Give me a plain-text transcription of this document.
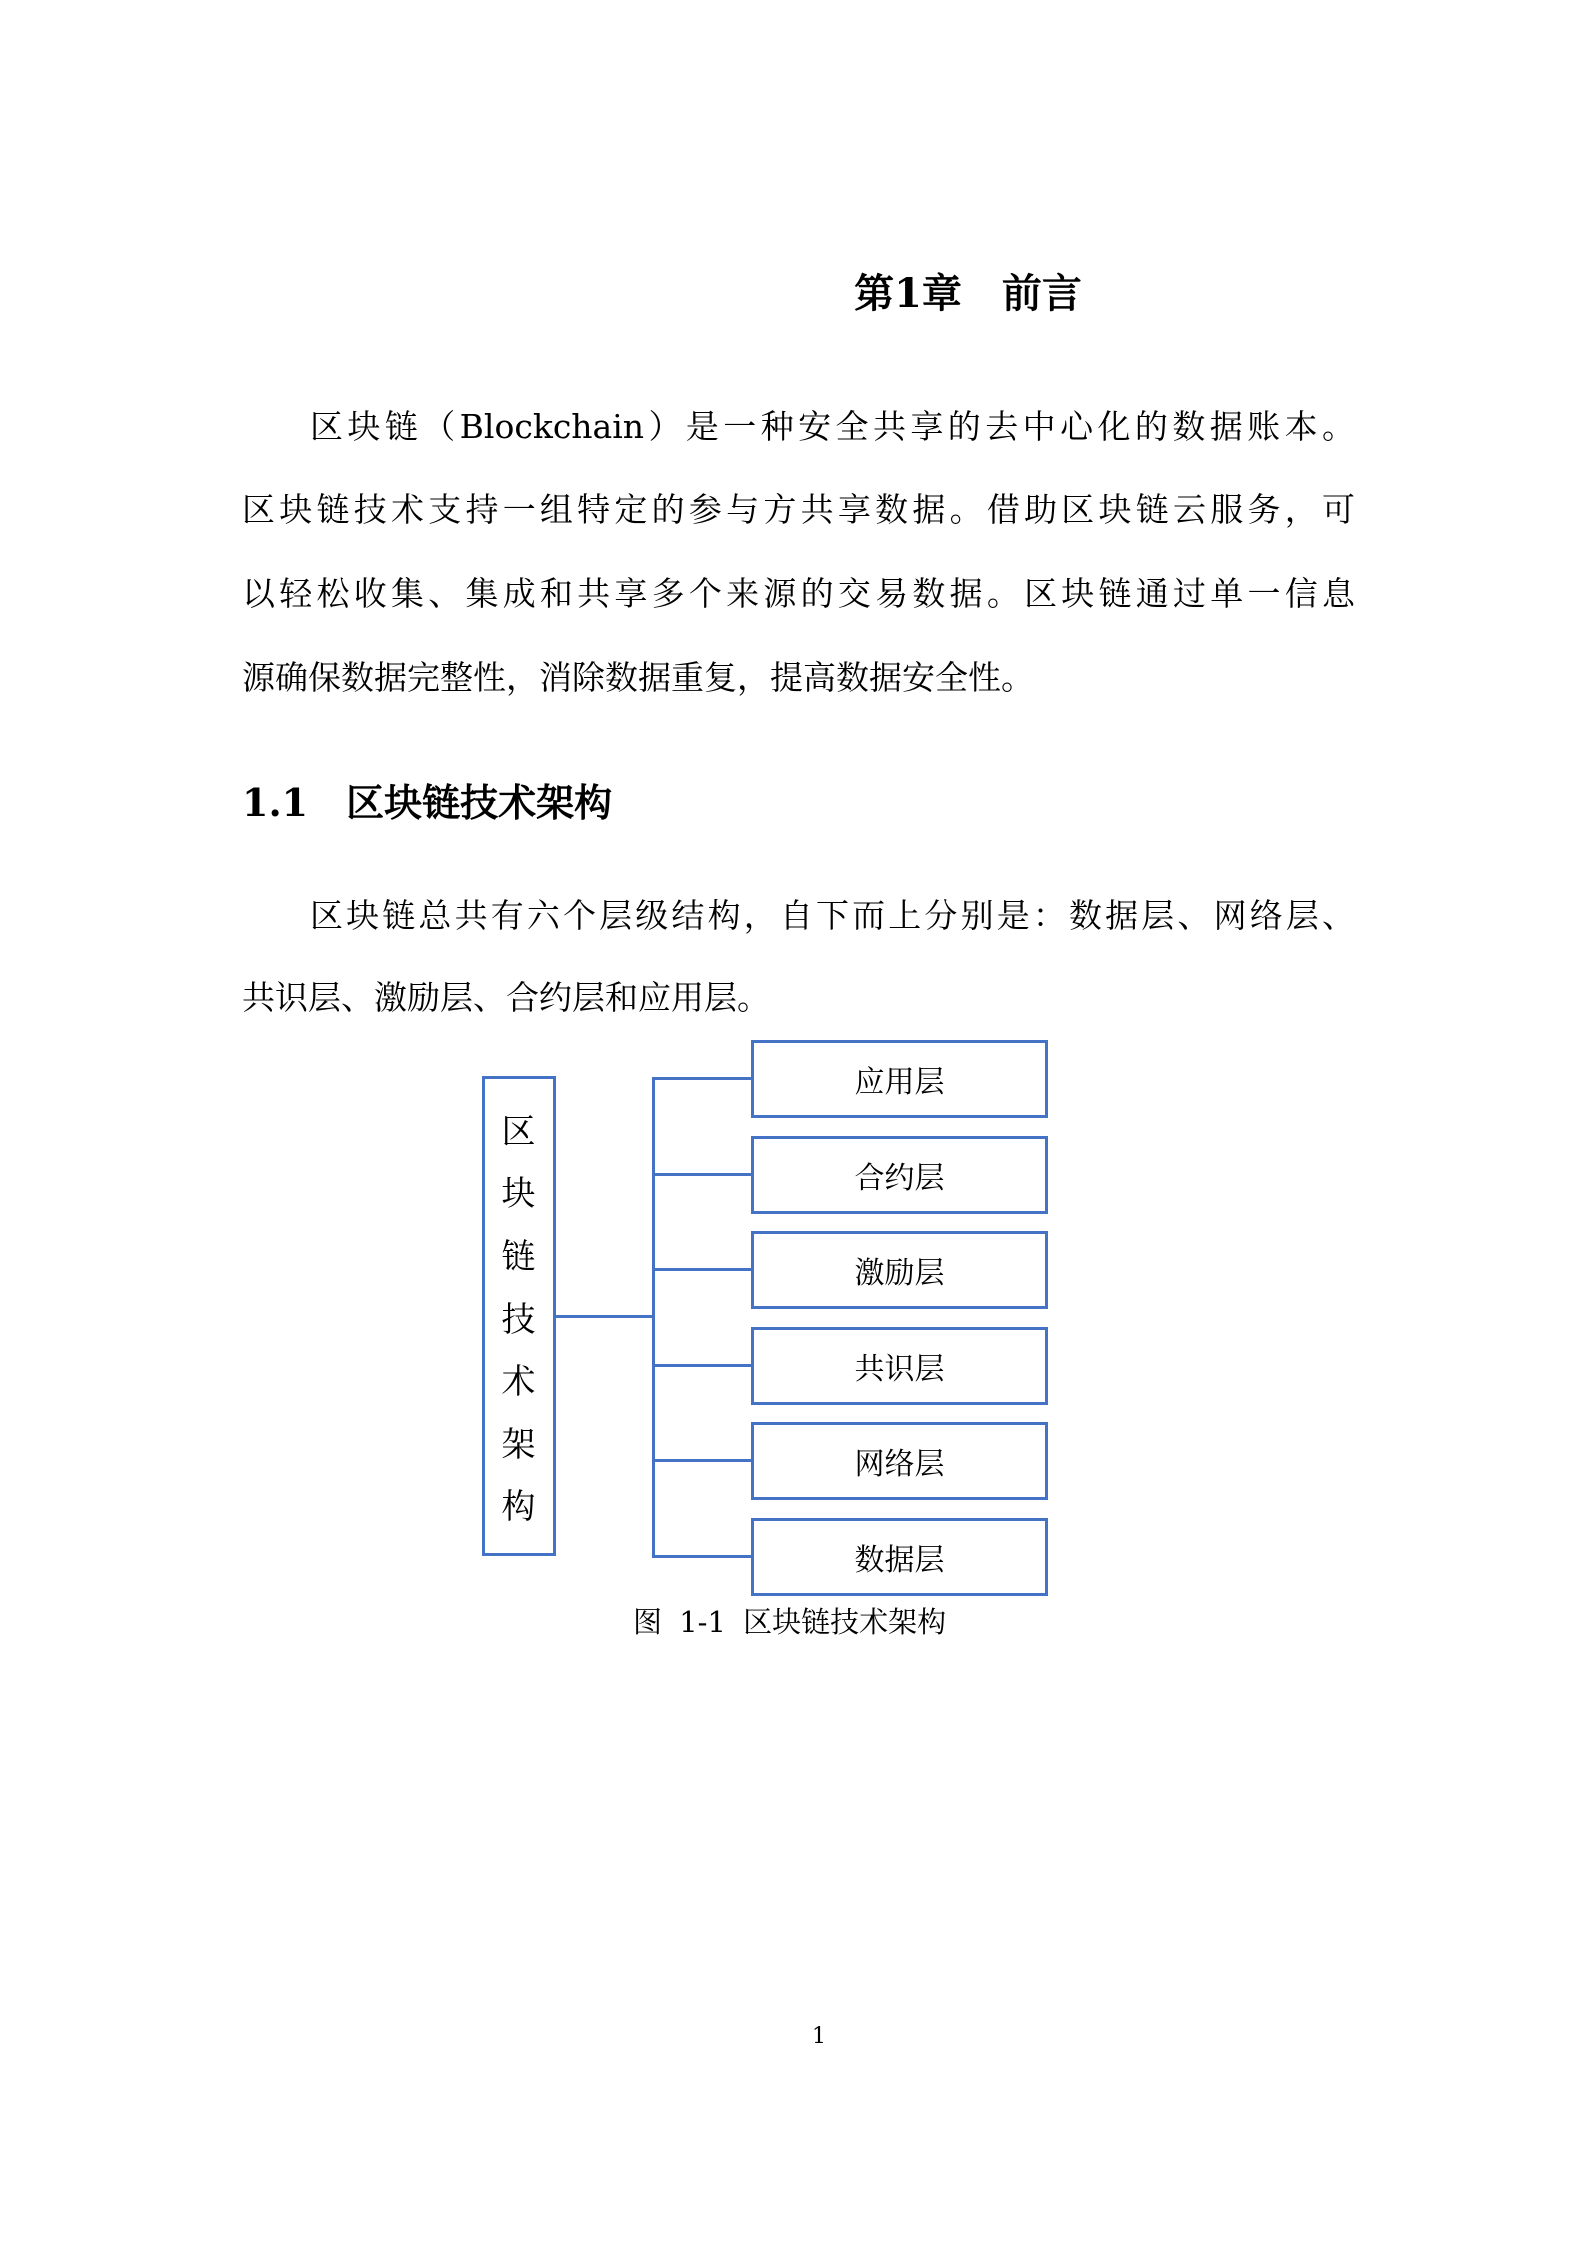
第1章　前言
区块链（Blockchain）是一种安全共享的去中心化的数据账本。
区块链技术支持一组特定的参与方共享数据。借助区块链云服务，可
以轻松收集、集成和共享多个来源的交易数据。区块链通过单一信息
源确保数据完整性，消除数据重复，提高数据安全性。
1.1 区块链技术架构
区块链总共有六个层级结构，自下而上分别是：数据层、网络层、
共识层、激励层、合约层和应用层。
区
块
链
技
术
架
构
应用层
合约层
激励层
共识层
网络层
数据层
图 1-1 区块链技术架构
1
